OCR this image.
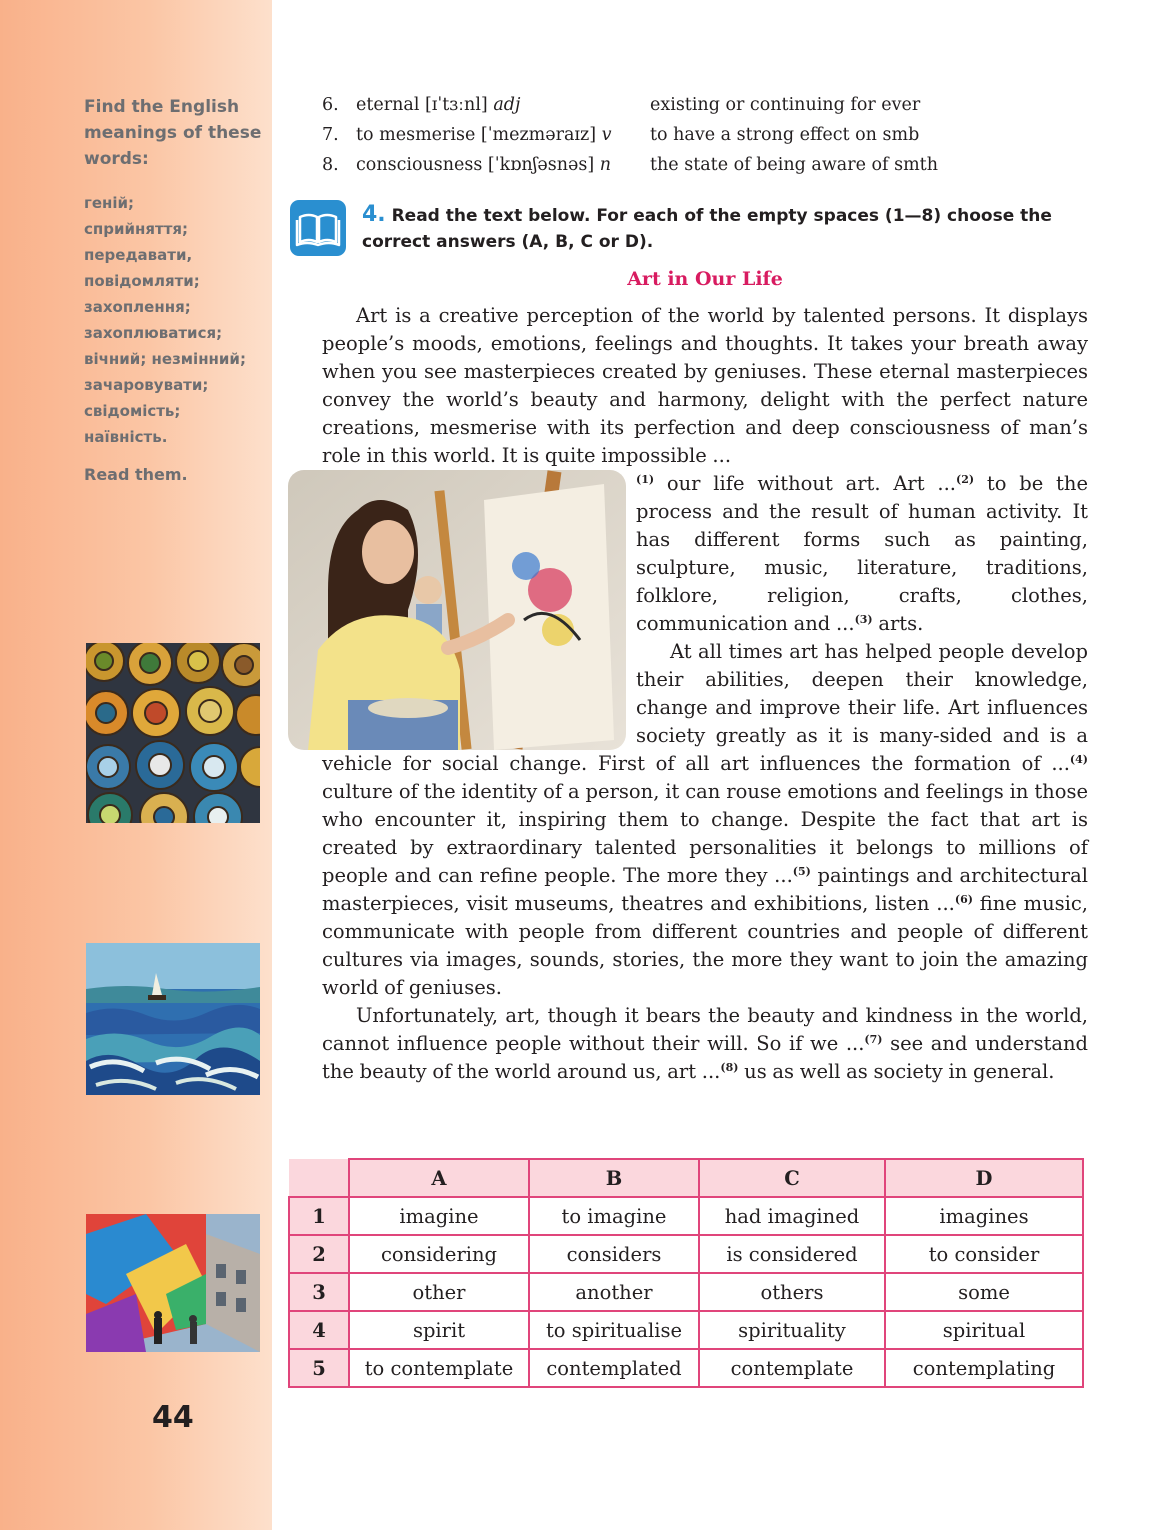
Find the English meanings of these words:
геній;
сприйняття;
передавати,
повідомляти;
захоплення;
захоплюватися;
вічний; незмінний;
зачаровувати;
свідомість;
наївність.
Read them.
44
6. eternal [ɪˈtɜːnl] adj	existing or continuing for ever
7. to mesmerise [ˈmezməraɪz] v to have a strong effect on smb
8. consciousness [ˈkɒnʃəsnəs] n the state of being aware of smth
4. Read the text below. For each of the empty spaces (1—8) choose the correct answers (A, B, C or D).
Art in Our Life

Art is a creative perception of the world by talented persons. It displays people’s moods, emotions, feelings and thoughts. It takes your breath away when you see masterpieces created by geniuses. These eternal masterpieces convey the world’s beauty and harmony, delight with the perfect nature creations, mesmerise with its perfection and deep consciousness of man’s role in this world. It is quite impossible ...

$^{(1)}$ our life without art. Art ...$^{(2)}$ to be the process and the result of human activity. It has different forms such as painting, sculpture, music, literature, traditions, folklore, religion, crafts, clothes, communication and ...$^{(3)}$ arts.

At all times art has helped people develop their abilities, deepen their knowledge, change and improve their life. Art influences society greatly as it is many-sided and is a vehicle for social change. First of all art influences the formation of ...$^{(4)}$ culture of the identity of a person, it can rouse emotions and feelings in those who encounter it, inspiring them to change. Despite the fact that art is created by extraordinary talented personalities it belongs to millions of people and can refine people. The more they ...$^{(5)}$ paintings and architectural masterpieces, visit museums, theatres and exhibitions, listen ...$^{(6)}$ fine music, communicate with people from different countries and people of different cultures via images, sounds, stories, the more they want to join the amazing world of geniuses.

Unfortunately, art, though it bears the beauty and kindness in the world, cannot influence people without their will. So if we ...$^{(7)}$ see and understand the beauty of the world around us, art ...$^{(8)}$ us as well as society in general.

	A	B	C	D
1	imagine	to imagine	had imagined	imagines
2	considering	considers	is considered	to consider
3	other	another	others	some
4	spirit	to spiritualise	spirituality	spiritual
5	to contemplate	contemplated	contemplate	contemplating
